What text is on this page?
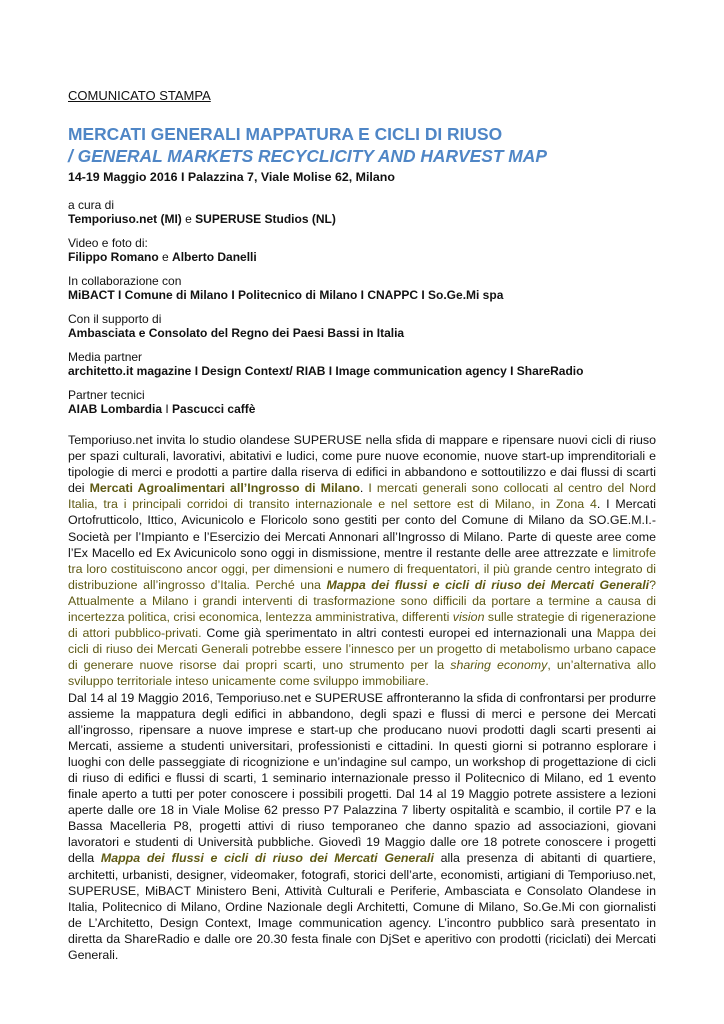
COMUNICATO STAMPA
MERCATI GENERALI MAPPATURA E CICLI DI RIUSO
/ GENERAL MARKETS RECYCLICITY AND HARVEST MAP
14-19 Maggio 2016 I Palazzina 7, Viale Molise 62, Milano
a cura di
Temporiuso.net (MI) e SUPERUSE Studios (NL)
Video e foto di:
Filippo Romano e Alberto Danelli
In collaborazione con
MiBACT I Comune di Milano I Politecnico di Milano I CNAPPC I So.Ge.Mi spa
Con il supporto di
Ambasciata e Consolato del Regno dei Paesi Bassi in Italia
Media partner
architetto.it magazine I Design Context/ RIAB I Image communication agency I ShareRadio
Partner tecnici
AIAB Lombardia I Pascucci caffè

Temporiuso.net invita lo studio olandese SUPERUSE nella sfida di mappare e ripensare nuovi cicli di riuso per spazi culturali, lavorativi, abitativi e ludici, come pure nuove economie, nuove start-up imprenditoriali e tipologie di merci e prodotti a partire dalla riserva di edifici in abbandono e sottoutilizzo e dai flussi di scarti dei Mercati Agroalimentari all’Ingrosso di Milano. I mercati generali sono collocati al centro del Nord Italia, tra i principali corridoi di transito internazionale e nel settore est di Milano, in Zona 4. I Mercati Ortofrutticolo, Ittico, Avicunicolo e Floricolo sono gestiti per conto del Comune di Milano da SO.GE.M.I.- Società per l’Impianto e l’Esercizio dei Mercati Annonari all’Ingrosso di Milano. Parte di queste aree come l’Ex Macello ed Ex Avicunicolo sono oggi in dismissione, mentre il restante delle aree attrezzate e limitrofe tra loro costituiscono ancor oggi, per dimensioni e numero di frequentatori, il più grande centro integrato di distribuzione all’ingrosso d’Italia. Perché una Mappa dei flussi e cicli di riuso dei Mercati Generali? Attualmente a Milano i grandi interventi di trasformazione sono difficili da portare a termine a causa di incertezza politica, crisi economica, lentezza amministrativa, differenti vision sulle strategie di rigenerazione di attori pubblico-privati. Come già sperimentato in altri contesti europei ed internazionali una Mappa dei cicli di riuso dei Mercati Generali potrebbe essere l’innesco per un progetto di metabolismo urbano capace di generare nuove risorse dai propri scarti, uno strumento per la sharing economy, un’alternativa allo sviluppo territoriale inteso unicamente come sviluppo immobiliare.

Dal 14 al 19 Maggio 2016, Temporiuso.net e SUPERUSE affronteranno la sfida di confrontarsi per produrre assieme la mappatura degli edifici in abbandono, degli spazi e flussi di merci e persone dei Mercati all’ingrosso, ripensare a nuove imprese e start-up che producano nuovi prodotti dagli scarti presenti ai Mercati, assieme a studenti universitari, professionisti e cittadini. In questi giorni si potranno esplorare i luoghi con delle passeggiate di ricognizione e un’indagine sul campo, un workshop di progettazione di cicli di riuso di edifici e flussi di scarti, 1 seminario internazionale presso il Politecnico di Milano, ed 1 evento finale aperto a tutti per poter conoscere i possibili progetti. Dal 14 al 19 Maggio potrete assistere a lezioni aperte dalle ore 18 in Viale Molise 62 presso P7 Palazzina 7 liberty ospitalità e scambio, il cortile P7 e la Bassa Macelleria P8, progetti attivi di riuso temporaneo che danno spazio ad associazioni, giovani lavoratori e studenti di Università pubbliche. Giovedì 19 Maggio dalle ore 18 potrete conoscere i progetti della Mappa dei flussi e cicli di riuso dei Mercati Generali alla presenza di abitanti di quartiere, architetti, urbanisti, designer, videomaker, fotografi, storici dell’arte, economisti, artigiani di Temporiuso.net, SUPERUSE, MiBACT Ministero Beni, Attività Culturali e Periferie, Ambasciata e Consolato Olandese in Italia, Politecnico di Milano, Ordine Nazionale degli Architetti, Comune di Milano, So.Ge.Mi con giornalisti de L’Architetto, Design Context, Image communication agency. L’incontro pubblico sarà presentato in diretta da ShareRadio e dalle ore 20.30 festa finale con DjSet e aperitivo con prodotti (riciclati) dei Mercati Generali.
